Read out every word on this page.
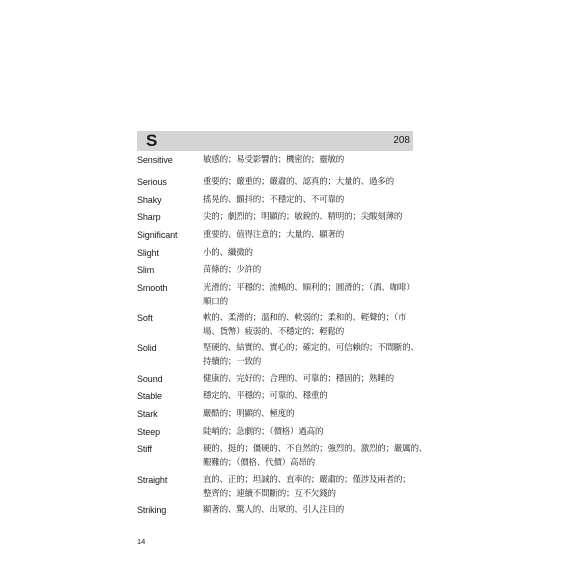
S	208
Sensitive	敏感的；易受影響的；機密的；靈敏的
Serious	重要的；嚴重的；嚴肅的、認真的；大量的、過多的
Shaky	搖晃的、顫抖的；不穩定的、不可靠的
Sharp	尖的；劇烈的；明顯的；敏銳的、精明的；尖酸刻薄的
Significant	重要的、值得注意的；大量的、顯著的
Slight	小的、纖微的
Slim	苗條的；少許的
Smooth	光滑的；平穩的；流暢的、順利的；圓滑的；（酒、咖啡）
順口的
Soft	軟的、柔滑的；溫和的、軟弱的；柔和的、輕聲的；（市
場、貨幣）疲弱的、不穩定的；輕鬆的
Solid	堅硬的、結實的、實心的；確定的、可信賴的；不間斷的、
持續的；一致的
Sound	健康的、完好的；合理的、可靠的；穩固的；熟睡的
Stable	穩定的、平穩的；可靠的、穩重的
Stark	嚴酷的；明顯的、極度的
Steep	陡峭的；急劇的；（價格）過高的
Stiff	硬的、挺的；僵硬的、不自然的；強烈的、激烈的；嚴厲的、
艱難的；（價格、代價）高昂的
Straight	直的、正的；坦誠的、直率的；嚴肅的；僅涉及兩者的；
整齊的；連續不間斷的；互不欠錢的
Striking	顯著的、驚人的、出眾的、引人注目的
14
